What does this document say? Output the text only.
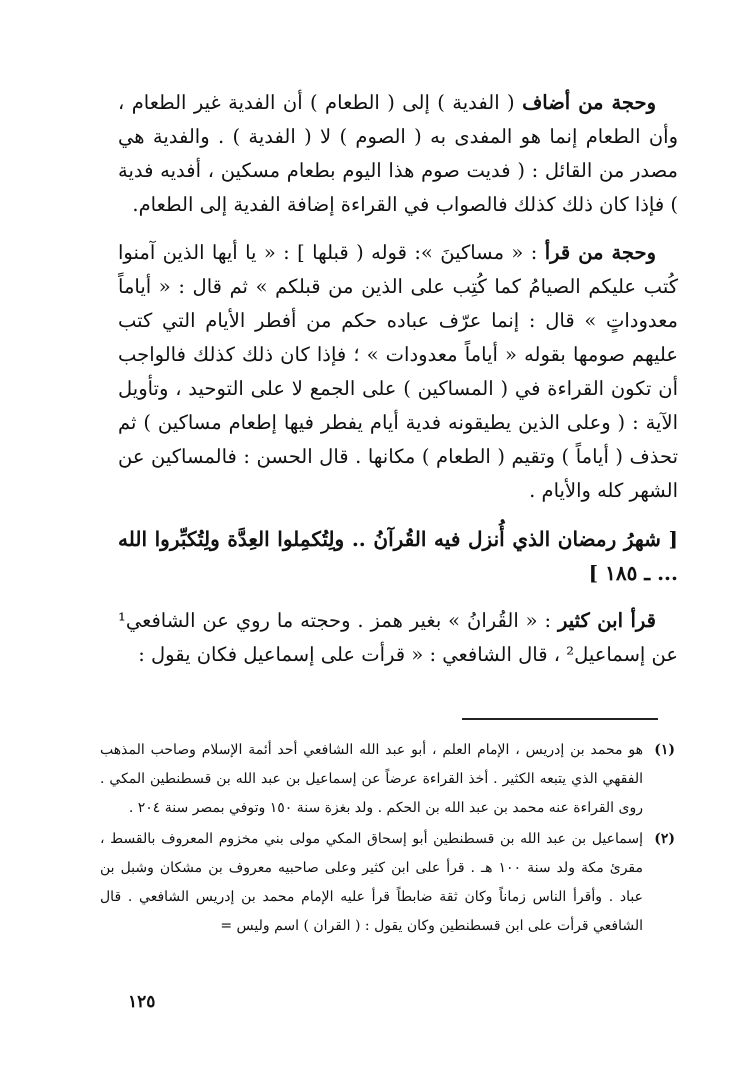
وحجة من أضاف ( الفدية ) إلى ( الطعام ) أن الفدية غير الطعام ، وأن الطعام إنما هو المفدى به ( الصوم ) لا ( الفدية ) . والفدية هي مصدر من القائل : ( فديت صوم هذا اليوم بطعام مسكين ، أفديه فدية ) فإذا كان ذلك كذلك فالصواب في القراءة إضافة الفدية إلى الطعام.

وحجة من قرأ : « مساكينَ »: قوله ( قبلها ] : « يا أيها الذين آمنوا كُتب عليكم الصيامُ كما كُتِب على الذين من قبلكم » ثم قال : « أياماً معدوداتٍ » قال : إنما عرّف عباده حكم من أفطر الأيام التي كتب عليهم صومها بقوله « أياماً معدودات » ؛ فإذا كان ذلك كذلك فالواجب أن تكون القراءة في ( المساكين ) على الجمع لا على التوحيد ، وتأويل الآية : ( وعلى الذين يطيقونه فدية أيام يفطر فيها إطعام مساكين ) ثم تحذف ( أياماً ) وتقيم ( الطعام ) مكانها . قال الحسن : فالمساكين عن الشهر كله والأيام .

[ شهرُ رمضان الذي أُنزل فيه القُرآنُ .. ولِتُكمِلوا العِدَّة ولِتُكبِّروا الله ... ـ ١٨٥ ]

قرأ ابن كثير : « القُرانُ » بغير همز . وحجته ما روي عن الشافعي¹ عن إسماعيل² ، قال الشافعي : « قرأت على إسماعيل فكان يقول :

(١)
هو محمد بن إدريس ، الإمام العلم ، أبو عبد الله الشافعي أحد أئمة الإسلام وصاحب المذهب الفقهي الذي يتبعه الكثير . أخذ القراءة عرضاً عن إسماعيل بن عبد الله بن قسطنطين المكي . روى القراءة عنه محمد بن عبد الله بن الحكم . ولد بغزة سنة ١٥٠ وتوفي بمصر سنة ٢٠٤ .
(٢)
إسماعيل بن عبد الله بن قسطنطين أبو إسحاق المكي مولى بني مخزوم المعروف بالقسط ، مقرئ مكة ولد سنة ١٠٠ هـ . قرأ على ابن كثير وعلى صاحبيه معروف بن مشكان وشبل بن عباد . وأقرأ الناس زماناً وكان ثقة ضابطاً قرأ عليه الإمام محمد بن إدريس الشافعي . قال الشافعي قرأت على ابن قسطنطين وكان يقول : ( القران ) اسم وليس =
١٢٥
